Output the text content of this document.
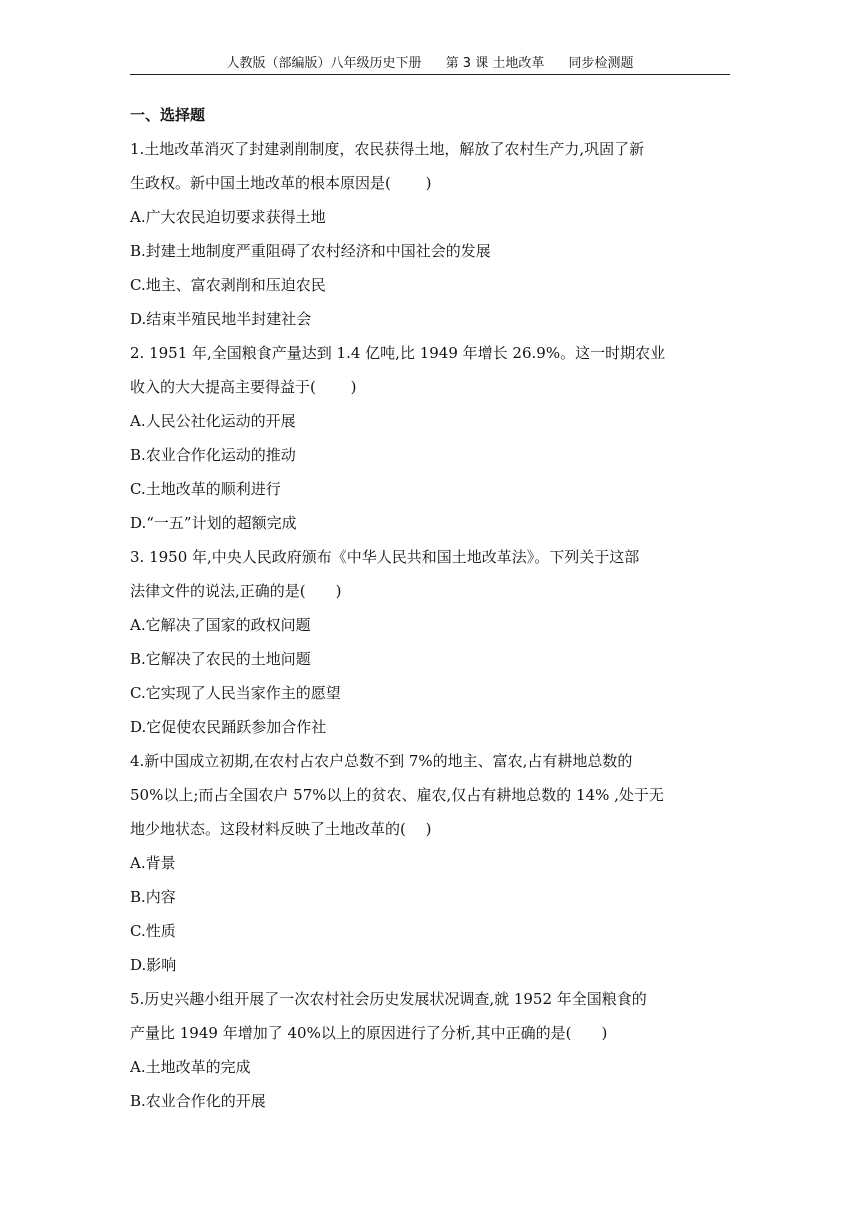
人教版（部编版）八年级历史下册 第 3 课 土地改革 同步检测题
一、选择题
1.土地改革消灭了封建剥削制度，农民获得土地，解放了农村生产力,巩固了新
生政权。新中国土地改革的根本原因是(　　 )
A.广大农民迫切要求获得土地
B.封建土地制度严重阻碍了农村经济和中国社会的发展
C.地主、富农剥削和压迫农民
D.结束半殖民地半封建社会
2. 1951 年,全国粮食产量达到 1.4 亿吨,比 1949 年增长 26.9%。这一时期农业
收入的大大提高主要得益于(　　 )
A.人民公社化运动的开展
B.农业合作化运动的推动
C.土地改革的顺利进行
D.“一五”计划的超额完成
3. 1950 年,中央人民政府颁布《中华人民共和国土地改革法》。下列关于这部
法律文件的说法,正确的是(　　)
A.它解决了国家的政权问题
B.它解决了农民的土地问题
C.它实现了人民当家作主的愿望
D.它促使农民踊跃参加合作社
4.新中国成立初期,在农村占农户总数不到 7%的地主、富农,占有耕地总数的
50%以上;而占全国农户 57%以上的贫农、雇农,仅占有耕地总数的 14% ,处于无
地少地状态。这段材料反映了土地改革的(　 )
A.背景
B.内容
C.性质
D.影响
5.历史兴趣小组开展了一次农村社会历史发展状况调查,就 1952 年全国粮食的
产量比 1949 年增加了 40%以上的原因进行了分析,其中正确的是(　　)
A.土地改革的完成
B.农业合作化的开展
